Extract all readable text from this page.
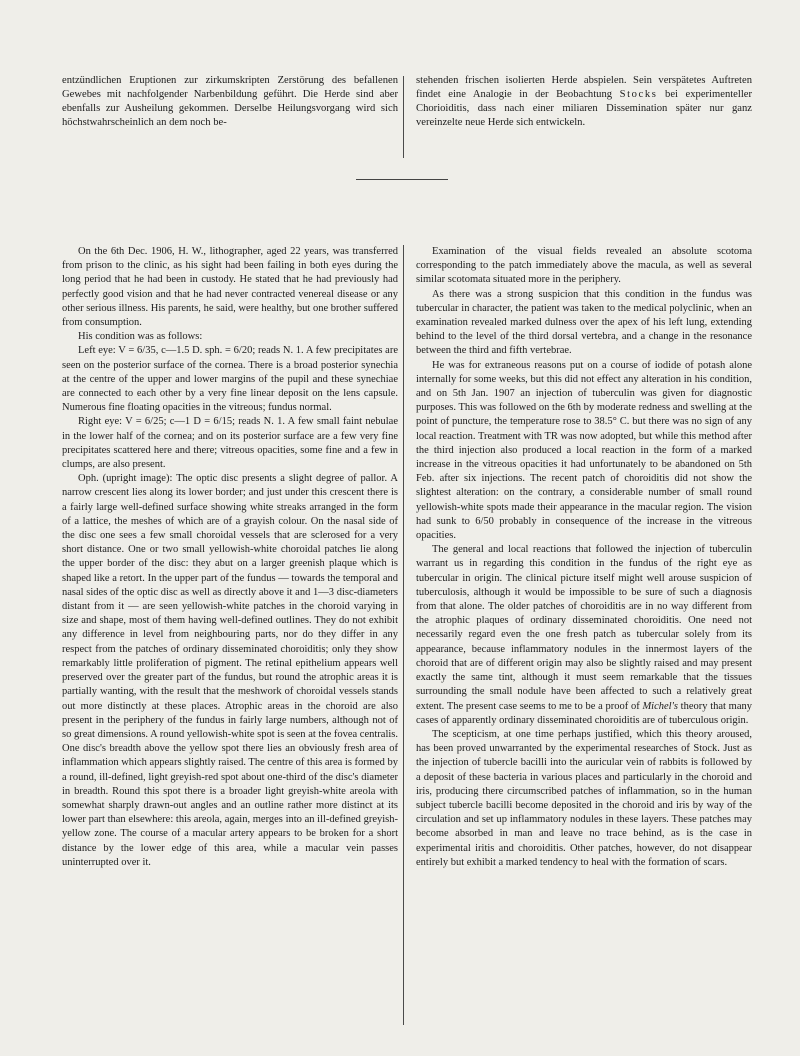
entzündlichen Eruptionen zur zirkumskripten Zerstörung des befallenen Gewebes mit nachfolgender Narbenbildung geführt. Die Herde sind aber ebenfalls zur Ausheilung gekommen. Derselbe Heilungsvorgang wird sich höchstwahrscheinlich an dem noch be-

stehenden frischen isolierten Herde abspielen. Sein verspätetes Auftreten findet eine Analogie in der Beobachtung Stocks bei experimenteller Chorioiditis, dass nach einer miliaren Dissemination später nur ganz vereinzelte neue Herde sich entwickeln.

On the 6th Dec. 1906, H. W., lithographer, aged 22 years, was transferred from prison to the clinic, as his sight had been failing in both eyes during the long period that he had been in custody. He stated that he had previously had perfectly good vision and that he had never contracted venereal disease or any other serious illness. His parents, he said, were healthy, but one brother suffered from consumption.

His condition was as follows:

Left eye: V = 6/35, c—1.5 D. sph. = 6/20; reads N. 1. A few precipitates are seen on the posterior surface of the cornea. There is a broad posterior synechia at the centre of the upper and lower margins of the pupil and these synechiae are connected to each other by a very fine linear deposit on the lens capsule. Numerous fine floating opacities in the vitreous; fundus normal.

Right eye: V = 6/25; c—1 D = 6/15; reads N. 1. A few small faint nebulae in the lower half of the cornea; and on its posterior surface are a few very fine precipitates scattered here and there; vitreous opacities, some fine and a few in clumps, are also present.

Oph. (upright image): The optic disc presents a slight degree of pallor. A narrow crescent lies along its lower border; and just under this crescent there is a fairly large well-defined surface showing white streaks arranged in the form of a lattice, the meshes of which are of a grayish colour. On the nasal side of the disc one sees a few small choroidal vessels that are sclerosed for a very short distance. One or two small yellowish-white choroidal patches lie along the upper border of the disc: they abut on a larger greenish plaque which is shaped like a retort. In the upper part of the fundus — towards the temporal and nasal sides of the optic disc as well as directly above it and 1—3 disc-diameters distant from it — are seen yellowish-white patches in the choroid varying in size and shape, most of them having well-defined outlines. They do not exhibit any difference in level from neighbouring parts, nor do they differ in any respect from the patches of ordinary disseminated choroiditis; only they show remarkably little proliferation of pigment. The retinal epithelium appears well preserved over the greater part of the fundus, but round the atrophic areas it is partially wanting, with the result that the meshwork of choroidal vessels stands out more distinctly at these places. Atrophic areas in the choroid are also present in the periphery of the fundus in fairly large numbers, although not of so great dimensions. A round yellowish-white spot is seen at the fovea centralis. One disc's breadth above the yellow spot there lies an obviously fresh area of inflammation which appears slightly raised. The centre of this area is formed by a round, ill-defined, light greyish-red spot about one-third of the disc's diameter in breadth. Round this spot there is a broader light greyish-white areola with somewhat sharply drawn-out angles and an outline rather more distinct at its lower part than elsewhere: this areola, again, merges into an ill-defined greyish-yellow zone. The course of a macular artery appears to be broken for a short distance by the lower edge of this area, while a macular vein passes uninterrupted over it.

Examination of the visual fields revealed an absolute scotoma corresponding to the patch immediately above the macula, as well as several similar scotomata situated more in the periphery.

As there was a strong suspicion that this condition in the fundus was tubercular in character, the patient was taken to the medical polyclinic, when an examination revealed marked dulness over the apex of his left lung, extending behind to the level of the third dorsal vertebra, and a change in the resonance between the third and fifth vertebrae.

He was for extraneous reasons put on a course of iodide of potash alone internally for some weeks, but this did not effect any alteration in his condition, and on 5th Jan. 1907 an injection of tuberculin was given for diagnostic purposes. This was followed on the 6th by moderate redness and swelling at the point of puncture, the temperature rose to 38.5° C. but there was no sign of any local reaction. Treatment with TR was now adopted, but while this method after the third injection also produced a local reaction in the form of a marked increase in the vitreous opacities it had unfortunately to be abandoned on 5th Feb. after six injections. The recent patch of choroiditis did not show the slightest alteration: on the contrary, a considerable number of small round yellowish-white spots made their appearance in the macular region. The vision had sunk to 6/50 probably in consequence of the increase in the vitreous opacities.

The general and local reactions that followed the injection of tuberculin warrant us in regarding this condition in the fundus of the right eye as tubercular in origin. The clinical picture itself might well arouse suspicion of tuberculosis, although it would be impossible to be sure of such a diagnosis from that alone. The older patches of choroiditis are in no way different from the atrophic plaques of ordinary disseminated choroiditis. One need not necessarily regard even the one fresh patch as tubercular solely from its appearance, because inflammatory nodules in the innermost layers of the choroid that are of different origin may also be slightly raised and may present exactly the same tint, although it must seem remarkable that the tissues surrounding the small nodule have been affected to such a relatively great extent. The present case seems to me to be a proof of Michel's theory that many cases of apparently ordinary disseminated choroiditis are of tuberculous origin.

The scepticism, at one time perhaps justified, which this theory aroused, has been proved unwarranted by the experimental researches of Stock. Just as the injection of tubercle bacilli into the auricular vein of rabbits is followed by a deposit of these bacteria in various places and particularly in the choroid and iris, producing there circumscribed patches of inflammation, so in the human subject tubercle bacilli become deposited in the choroid and iris by way of the circulation and set up inflammatory nodules in these layers. These patches may become absorbed in man and leave no trace behind, as is the case in experimental iritis and choroiditis. Other patches, however, do not disappear entirely but exhibit a marked tendency to heal with the formation of scars.
